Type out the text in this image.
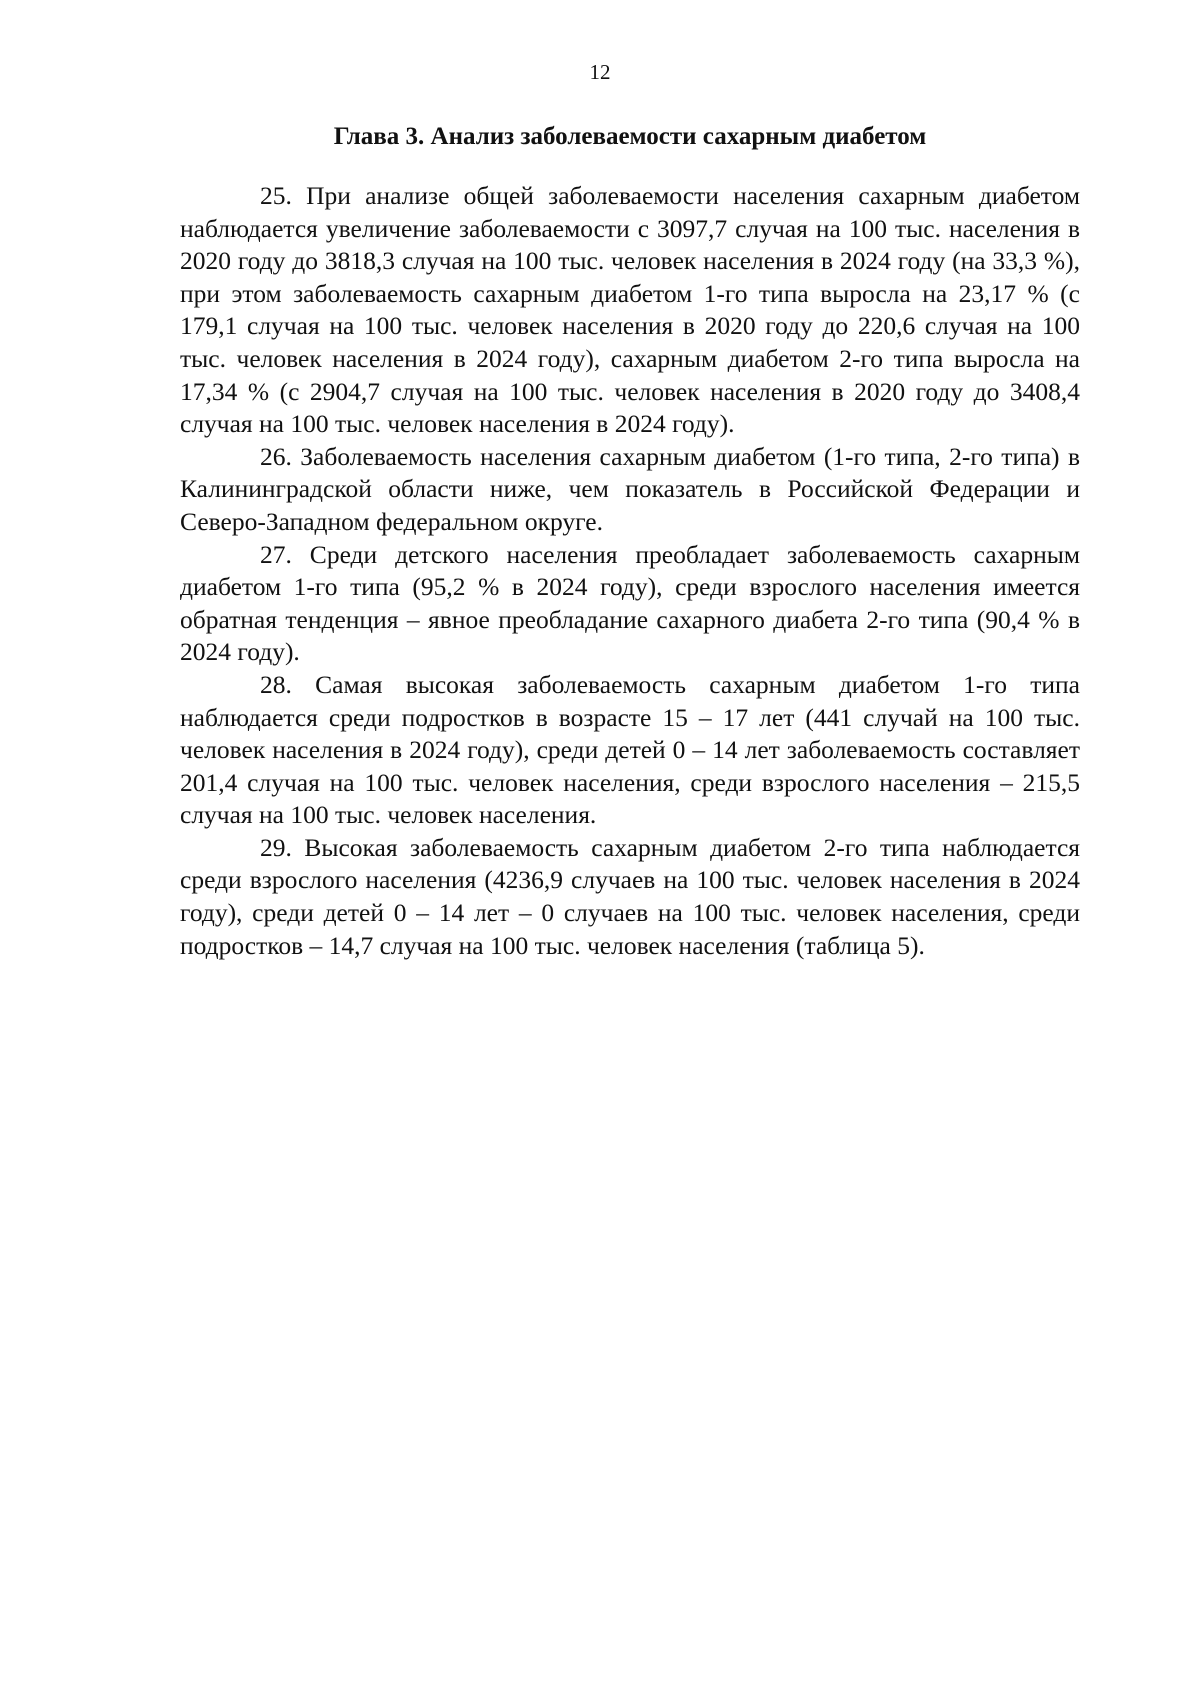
12

Глава 3. Анализ заболеваемости сахарным диабетом

25. При анализе общей заболеваемости населения сахарным диабетом наблюдается увеличение заболеваемости с 3097,7 случая на 100 тыс. населения в 2020 году до 3818,3 случая на 100 тыс. человек населения в 2024 году (на 33,3 %), при этом заболеваемость сахарным диабетом 1-го типа выросла на 23,17 % (с 179,1 случая на 100 тыс. человек населения в 2020 году до 220,6 случая на 100 тыс. человек населения в 2024 году), сахарным диабетом 2-го типа выросла на 17,34 % (с 2904,7 случая на 100 тыс. человек населения в 2020 году до 3408,4 случая на 100 тыс. человек населения в 2024 году).

26. Заболеваемость населения сахарным диабетом (1-го типа, 2-го типа) в Калининградской области ниже, чем показатель в Российской Федерации и Северо-Западном федеральном округе.

27. Среди детского населения преобладает заболеваемость сахарным диабетом 1-го типа (95,2 % в 2024 году), среди взрослого населения имеется обратная тенденция – явное преобладание сахарного диабета 2-го типа (90,4 % в 2024 году).

28. Самая высокая заболеваемость сахарным диабетом 1-го типа наблюдается среди подростков в возрасте 15 – 17 лет (441 случай на 100 тыс. человек населения в 2024 году), среди детей 0 – 14 лет заболеваемость составляет 201,4 случая на 100 тыс. человек населения, среди взрослого населения – 215,5 случая на 100 тыс. человек населения.

29. Высокая заболеваемость сахарным диабетом 2-го типа наблюдается среди взрослого населения (4236,9 случаев на 100 тыс. человек населения в 2024 году), среди детей 0 – 14 лет – 0 случаев на 100 тыс. человек населения, среди подростков – 14,7 случая на 100 тыс. человек населения (таблица 5).
